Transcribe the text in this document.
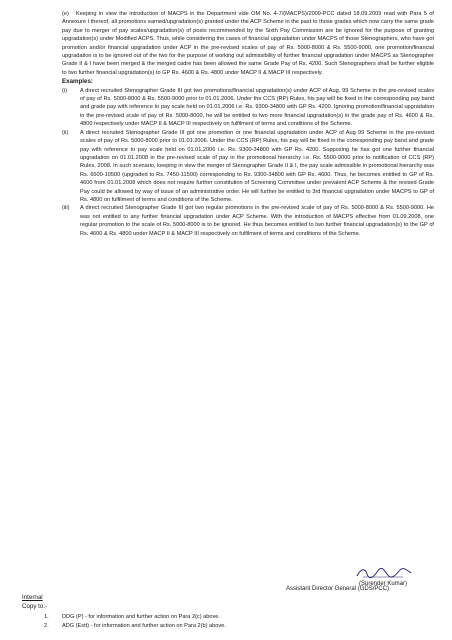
(e) Keeping in view the introduction of MACPS in the Department vide OM No. 4-7/(MACPS)/2009-PCC dated 18.09.2009 read with Para 5 of Annexure I thereof, all promotions earned/upgradation(s) granted under the ACP Scheme in the past to those grades which now carry the same grade pay due to merger of pay scales/upgradation(s) of posts recommended by the Sixth Pay Commission are be ignored for the purpose of granting upgradation(s) under Modified ACPS. Thus, while considering the cases of financial upgradation under MACPS of those Stenographers, who have got promotion and/or financial upgradation under ACP in the pre-revised scales of pay of Rs. 5000-8000 & Rs. 5500-9000, one promotion/financial upgradation is to be ignored out of the two for the purpose of working out admissibility of further financial upgradation under MACPS as Stenographer Grade II & I have been merged & the merged cadre has been allowed the same Grade Pay of Rs. 4200. Such Stenographers shall be further eligible to two further financial upgradation(s) to GP Rs. 4600 & Rs. 4800 under MACP II & MACP III respectively.

Examples:
(i)	A direct recruited Stenographer Grade III got two promotions/financial upgradation(s) under ACP of Aug. 99 Scheme in the pre-revised scales of pay of Rs. 5000-8000 & Rs. 5500-9000 prior to 01.01.2006. Under the CCS (RP) Rules, his pay will be fixed in the corresponding pay band and grade pay with reference to pay scale held on 01.01.2006 i.e. Rs. 9300-34800 with GP Rs. 4200. Ignoring promotion/financial upgradation in the pre-revised scale of pay of Rs. 5000-8000, he will be entitled to two more financial upgradation(s) in the grade pay of Rs. 4600 & Rs. 4800 respectively under MACP II & MACP III respectively on fulfilment of terms and conditions of the Scheme.
(ii)	A direct recruited Stenographer Grade III got one promotion or one financial upgradation under ACP of Aug 99 Scheme in the pre-revised scales of pay of Rs. 5000-8000 prior to 01.01.2006. Under the CCS (RP) Rules, his pay will be fixed in the corresponding pay band and grade pay with reference to pay scale held on 01.01.2006 i.e. Rs. 9300-34800 with GP Rs. 4200. Supposing he has got one further financial upgradation on 01.01.2008 in the pre-revised scale of pay in the promotional hierarchy i.e. Rs. 5500-9000 prior to notification of CCS (RP) Rules, 2008. In such scenario, keeping in view the merger of Stenographer Grade II & I, the pay scale admissible in promotional hierarchy was Rs. 6500-10500 (upgraded to Rs. 7450-11500) corresponding to Rs. 9300-34800 with GP Rs. 4600. Thus, he becomes entitled to GP of Rs. 4600 from 01.01.2008 which does not require further constitution of Screening Committee under prevalent ACP Scheme & the revised Grade Pay could be allowed by way of issue of an administrative order. He will further be entitled to 3rd financial upgradation under MACPS to GP of Rs. 4800 on fulfilment of terms and conditions of the Scheme.
(iii)	A direct recruited Stenographer Grade III got two regular promotions in the pre-revised scale of pay of Rs. 5000-8000 & Rs. 5500-9000. He was not entitled to any further financial upgradation under ACP Scheme. With the introduction of MACPS effective from 01.09.2008, one regular promotion to the scale of Rs. 5000-8000 is to be ignored. He thus becomes entitled to two further financial upgradation(s) to the GP of Rs. 4600 & Rs. 4800 under MACP II & MACP III respectively on fulfilment of terms and conditions of the Scheme.
(Surender Kumar)
Assistant Director General (GDS/PCC)
Internal
Copy to:-
1.	DDG (P) - for information and further action on Para 2(c) above.
2.	ADG (Estt) - for information and further action on Para 2(b) above.
